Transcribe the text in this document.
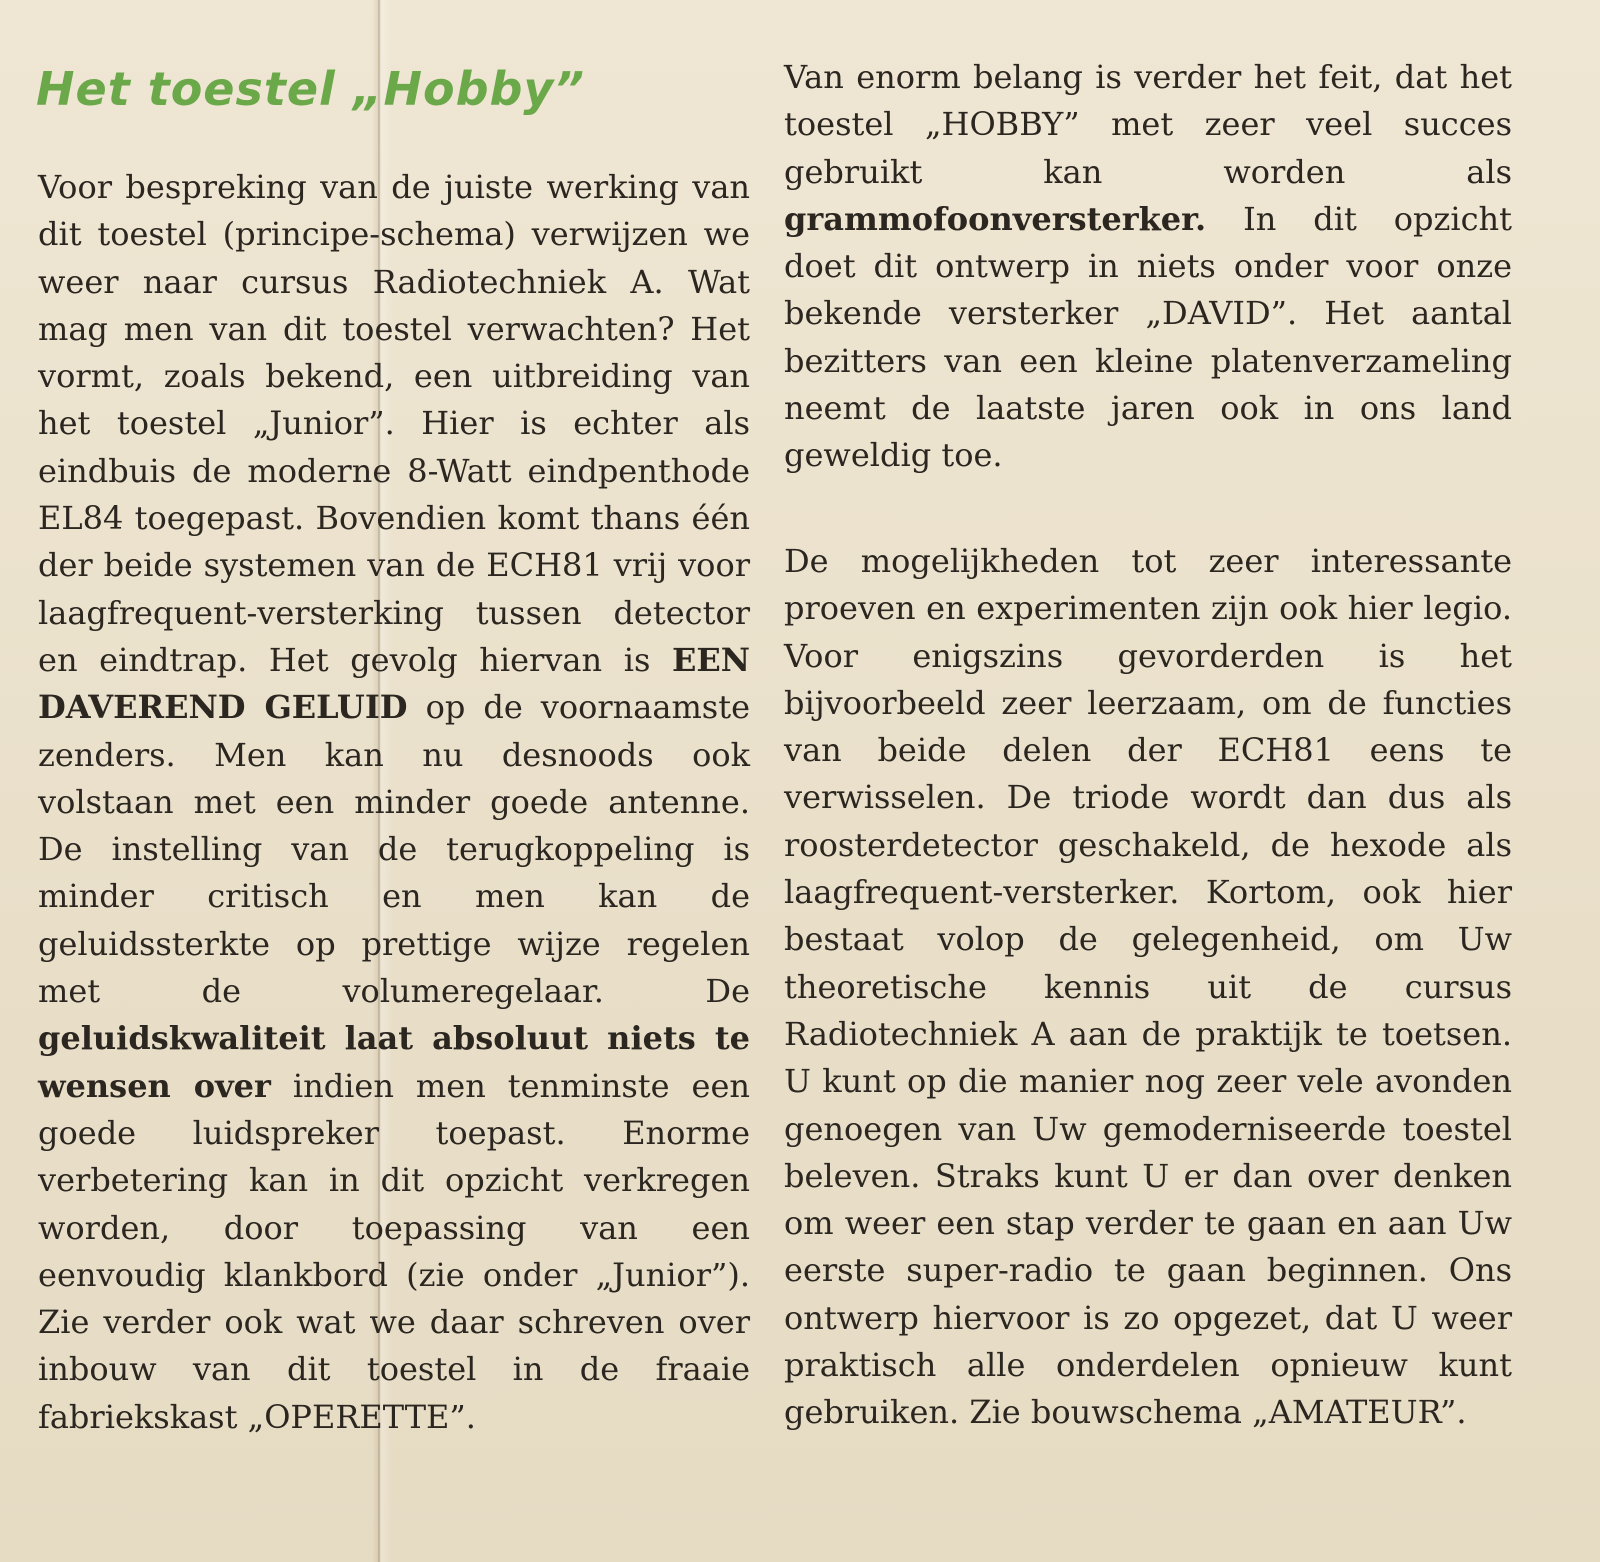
Het toestel „Hobby”

Voor bespreking van de juiste werking van dit toestel (principe-schema) verwijzen we weer naar cursus Radiotechniek A. Wat mag men van dit toestel verwachten? Het vormt, zoals bekend, een uitbreiding van het toestel „Junior”. Hier is echter als eindbuis de moderne 8-Watt eindpenthode EL84 toegepast. Bovendien komt thans één der beide systemen van de ECH81 vrij voor laagfrequent-versterking tussen detector en eindtrap. Het gevolg hiervan is EEN DAVEREND GELUID op de voornaamste zenders. Men kan nu desnoods ook volstaan met een minder goede antenne. De instelling van de terugkoppeling is minder critisch en men kan de geluidssterkte op prettige wijze regelen met de volumeregelaar. De geluidskwaliteit laat absoluut niets te wensen over indien men tenminste een goede luidspreker toepast. Enorme verbetering kan in dit opzicht verkregen worden, door toepassing van een eenvoudig klankbord (zie onder „Junior”). Zie verder ook wat we daar schreven over inbouw van dit toestel in de fraaie fabriekskast „OPERETTE”.

Van enorm belang is verder het feit, dat het toestel „HOBBY” met zeer veel succes gebruikt kan worden als grammofoonversterker. In dit opzicht doet dit ontwerp in niets onder voor onze bekende versterker „DAVID”. Het aantal bezitters van een kleine platenverzameling neemt de laatste jaren ook in ons land geweldig toe.

De mogelijkheden tot zeer interessante proeven en experimenten zijn ook hier legio. Voor enigszins gevorderden is het bijvoorbeeld zeer leerzaam, om de functies van beide delen der ECH81 eens te verwisselen. De triode wordt dan dus als roosterdetector geschakeld, de hexode als laagfrequent-versterker. Kortom, ook hier bestaat volop de gelegenheid, om Uw theoretische kennis uit de cursus Radiotechniek A aan de praktijk te toetsen. U kunt op die manier nog zeer vele avonden genoegen van Uw gemoderniseerde toestel beleven. Straks kunt U er dan over denken om weer een stap verder te gaan en aan Uw eerste super-radio te gaan beginnen. Ons ontwerp hiervoor is zo opgezet, dat U weer praktisch alle onderdelen opnieuw kunt gebruiken. Zie bouwschema „AMATEUR”.
